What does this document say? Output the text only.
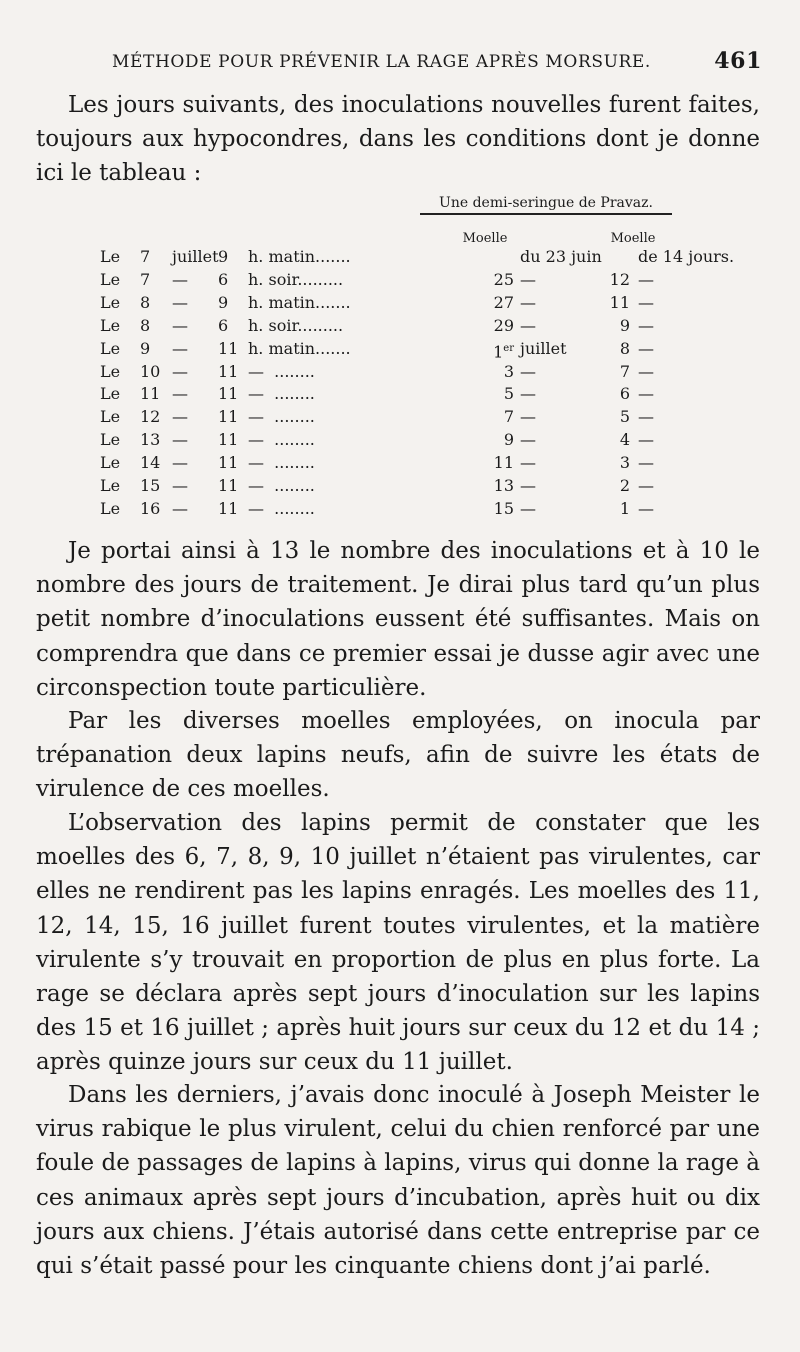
MÉTHODE POUR PRÉVENIR LA RAGE APRÈS MORSURE.	461
Les jours suivants, des inoculations nouvelles furent faites, toujours aux hypocondres, dans les conditions dont je donne ici le tableau :
Une demi-seringue de Pravaz.
Moelle	Moelle
Le 7 juillet 9 h. matin.......	du 23 juin de 14 jours.
Le 7 — 6 h. soir.........	25 —	12 —
Le 8 — 9 h. matin.......	27 —	11 —
Le 8 — 6 h. soir.........	29 —	9 —
Le 9 — 11 h. matin.......	1er juillet	8 —
Le 10 — 11 —  ........	3 —	7 —
Le 11 — 11 —  ........	5 —	6 —
Le 12 — 11 —  ........	7 —	5 —
Le 13 — 11 —  ........	9 —	4 —
Le 14 — 11 —  ........	11 —	3 —
Le 15 — 11 —  ........	13 —	2 —
Le 16 — 11 —  ........	15 —	1 —
Je portai ainsi à 13 le nombre des inoculations et à 10 le nombre des jours de traitement. Je dirai plus tard qu’un plus petit nombre d’inoculations eussent été suffisantes. Mais on comprendra que dans ce premier essai je dusse agir avec une circonspection toute particulière.
Par les diverses moelles employées, on inocula par trépanation deux lapins neufs, afin de suivre les états de virulence de ces moelles.
L’observation des lapins permit de constater que les moelles des 6, 7, 8, 9, 10 juillet n’étaient pas virulentes, car elles ne rendirent pas les lapins enragés. Les moelles des 11, 12, 14, 15, 16 juillet furent toutes virulentes, et la matière virulente s’y trouvait en proportion de plus en plus forte. La rage se déclara après sept jours d’inoculation sur les lapins des 15 et 16 juillet ; après huit jours sur ceux du 12 et du 14 ; après quinze jours sur ceux du 11 juillet.
Dans les derniers, j’avais donc inoculé à Joseph Meister le virus rabique le plus virulent, celui du chien renforcé par une foule de passages de lapins à lapins, virus qui donne la rage à ces animaux après sept jours d’incubation, après huit ou dix jours aux chiens. J’étais autorisé dans cette entreprise par ce qui s’était passé pour les cinquante chiens dont j’ai parlé.
